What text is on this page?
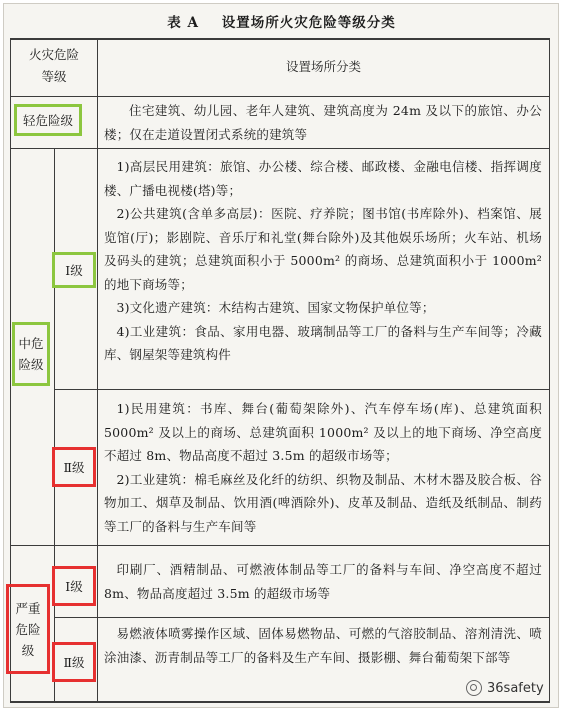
表 A    设置场所火灾危险等级分类
火灾危险
等级
设置场所分类
轻危险级

住宅建筑、幼儿园、老年人建筑、建筑高度为 24m 及以下的旅馆、办公楼；仅在走道设置闭式系统的建筑等

中危
险级
Ⅰ级

1)高层民用建筑：旅馆、办公楼、综合楼、邮政楼、金融电信楼、指挥调度楼、广播电视楼(塔)等；

2)公共建筑(含单多高层)：医院、疗养院；图书馆(书库除外)、档案馆、展览馆(厅)；影剧院、音乐厅和礼堂(舞台除外)及其他娱乐场所；火车站、机场及码头的建筑；总建筑面积小于 5000m² 的商场、总建筑面积小于 1000m² 的地下商场等；

3)文化遗产建筑：木结构古建筑、国家文物保护单位等；

4)工业建筑：食品、家用电器、玻璃制品等工厂的备料与生产车间等；冷藏库、钢屋架等建筑构件

Ⅱ级

1)民用建筑：书库、舞台(葡萄架除外)、汽车停车场(库)、总建筑面积 5000m² 及以上的商场、总建筑面积 1000m² 及以上的地下商场、净空高度不超过 8m、物品高度不超过 3.5m 的超级市场等；

2)工业建筑：棉毛麻丝及化纤的纺织、织物及制品、木材木器及胶合板、谷物加工、烟草及制品、饮用酒(啤酒除外)、皮革及制品、造纸及纸制品、制药等工厂的备料与生产车间等

严重
危险
级
Ⅰ级

印刷厂、酒精制品、可燃液体制品等工厂的备料与车间、净空高度不超过 8m、物品高度超过 3.5m 的超级市场等

Ⅱ级

易燃液体喷雾操作区域、固体易燃物品、可燃的气溶胶制品、溶剂清洗、喷涂油漆、沥青制品等工厂的备料及生产车间、摄影棚、舞台葡萄架下部等

36safety
